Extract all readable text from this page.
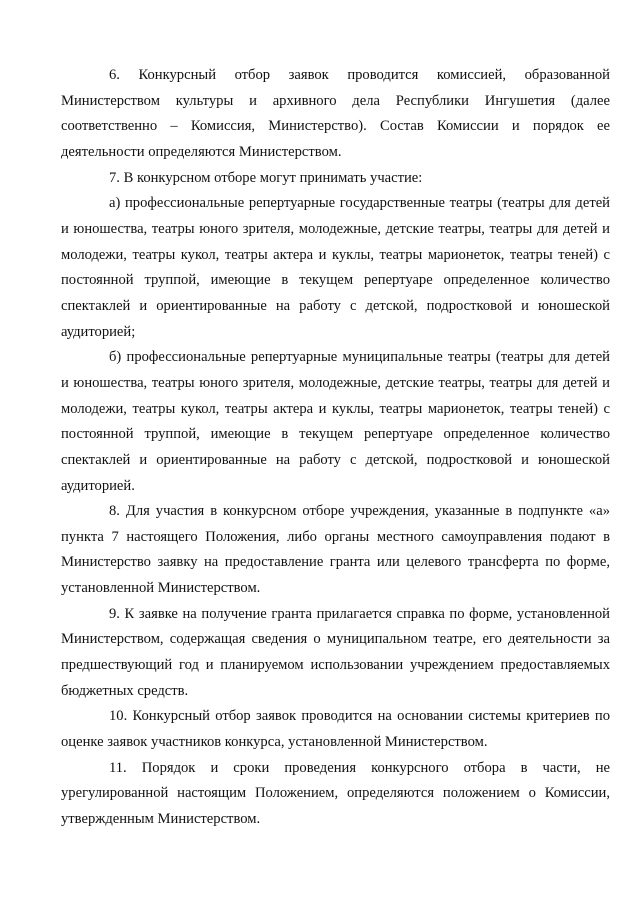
6. Конкурсный отбор заявок проводится комиссией, образованной Министерством культуры и архивного дела Республики Ингушетия (далее соответственно – Комиссия, Министерство). Состав Комиссии и порядок ее деятельности определяются Министерством.

7. В конкурсном отборе могут принимать участие:

а) профессиональные репертуарные государственные театры (театры для детей и юношества, театры юного зрителя, молодежные, детские театры, театры для детей и молодежи, театры кукол, театры актера и куклы, театры марионеток, театры теней) с постоянной труппой, имеющие в текущем репертуаре определенное количество спектаклей и ориентированные на работу с детской, подростковой и юношеской аудиторией;

б) профессиональные репертуарные муниципальные театры (театры для детей и юношества, театры юного зрителя, молодежные, детские театры, театры для детей и молодежи, театры кукол, театры актера и куклы, театры марионеток, театры теней) с постоянной труппой, имеющие в текущем репертуаре определенное количество спектаклей и ориентированные на работу с детской, подростковой и юношеской аудиторией.

8. Для участия в конкурсном отборе учреждения, указанные в подпункте «а» пункта 7 настоящего Положения, либо органы местного самоуправления подают в Министерство заявку на предоставление гранта или целевого трансферта по форме, установленной Министерством.

9. К заявке на получение гранта прилагается справка по форме, установленной Министерством, содержащая сведения о муниципальном театре, его деятельности за предшествующий год и планируемом использовании учреждением предоставляемых бюджетных средств.

10. Конкурсный отбор заявок проводится на основании системы критериев по оценке заявок участников конкурса, установленной Министерством.

11. Порядок и сроки проведения конкурсного отбора в части, не урегулированной настоящим Положением, определяются положением о Комиссии, утвержденным Министерством.
